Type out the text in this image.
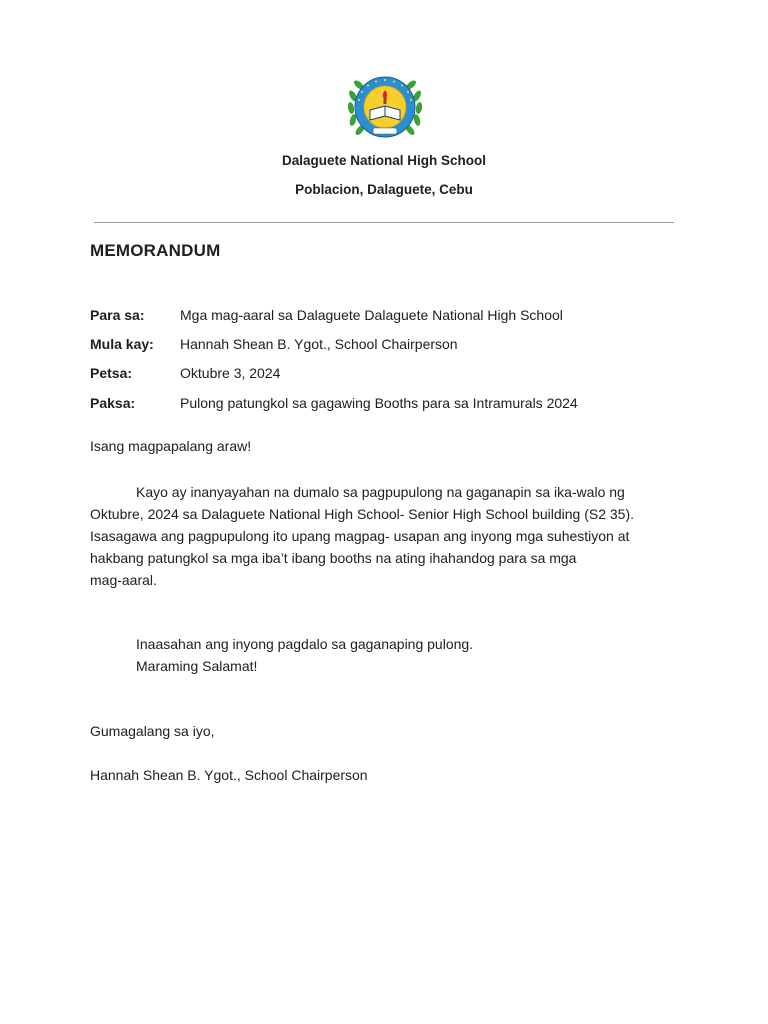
Dalaguete National High School
Poblacion, Dalaguete, Cebu
MEMORANDUM
Para sa:	Mga mag-aaral sa Dalaguete Dalaguete National High School
Mula kay: Hannah Shean B. Ygot., School Chairperson
Petsa:	Oktubre 3, 2024
Paksa:	Pulong patungkol sa gagawing Booths para sa Intramurals 2024
Isang magpapalang araw!
Kayo ay inanyayahan na dumalo sa pagpupulong na gaganapin sa ika-walo ng
Oktubre, 2024 sa Dalaguete National High School- Senior High School building (S2 35).
Isasagawa ang pagpupulong ito upang magpag- usapan ang inyong mga suhestiyon at
hakbang patungkol sa mga iba’t ibang booths na ating ihahandog para sa mga
mag-aaral.
Inaasahan ang inyong pagdalo sa gaganaping pulong.
Maraming Salamat!
Gumagalang sa iyo,
Hannah Shean B. Ygot., School Chairperson
